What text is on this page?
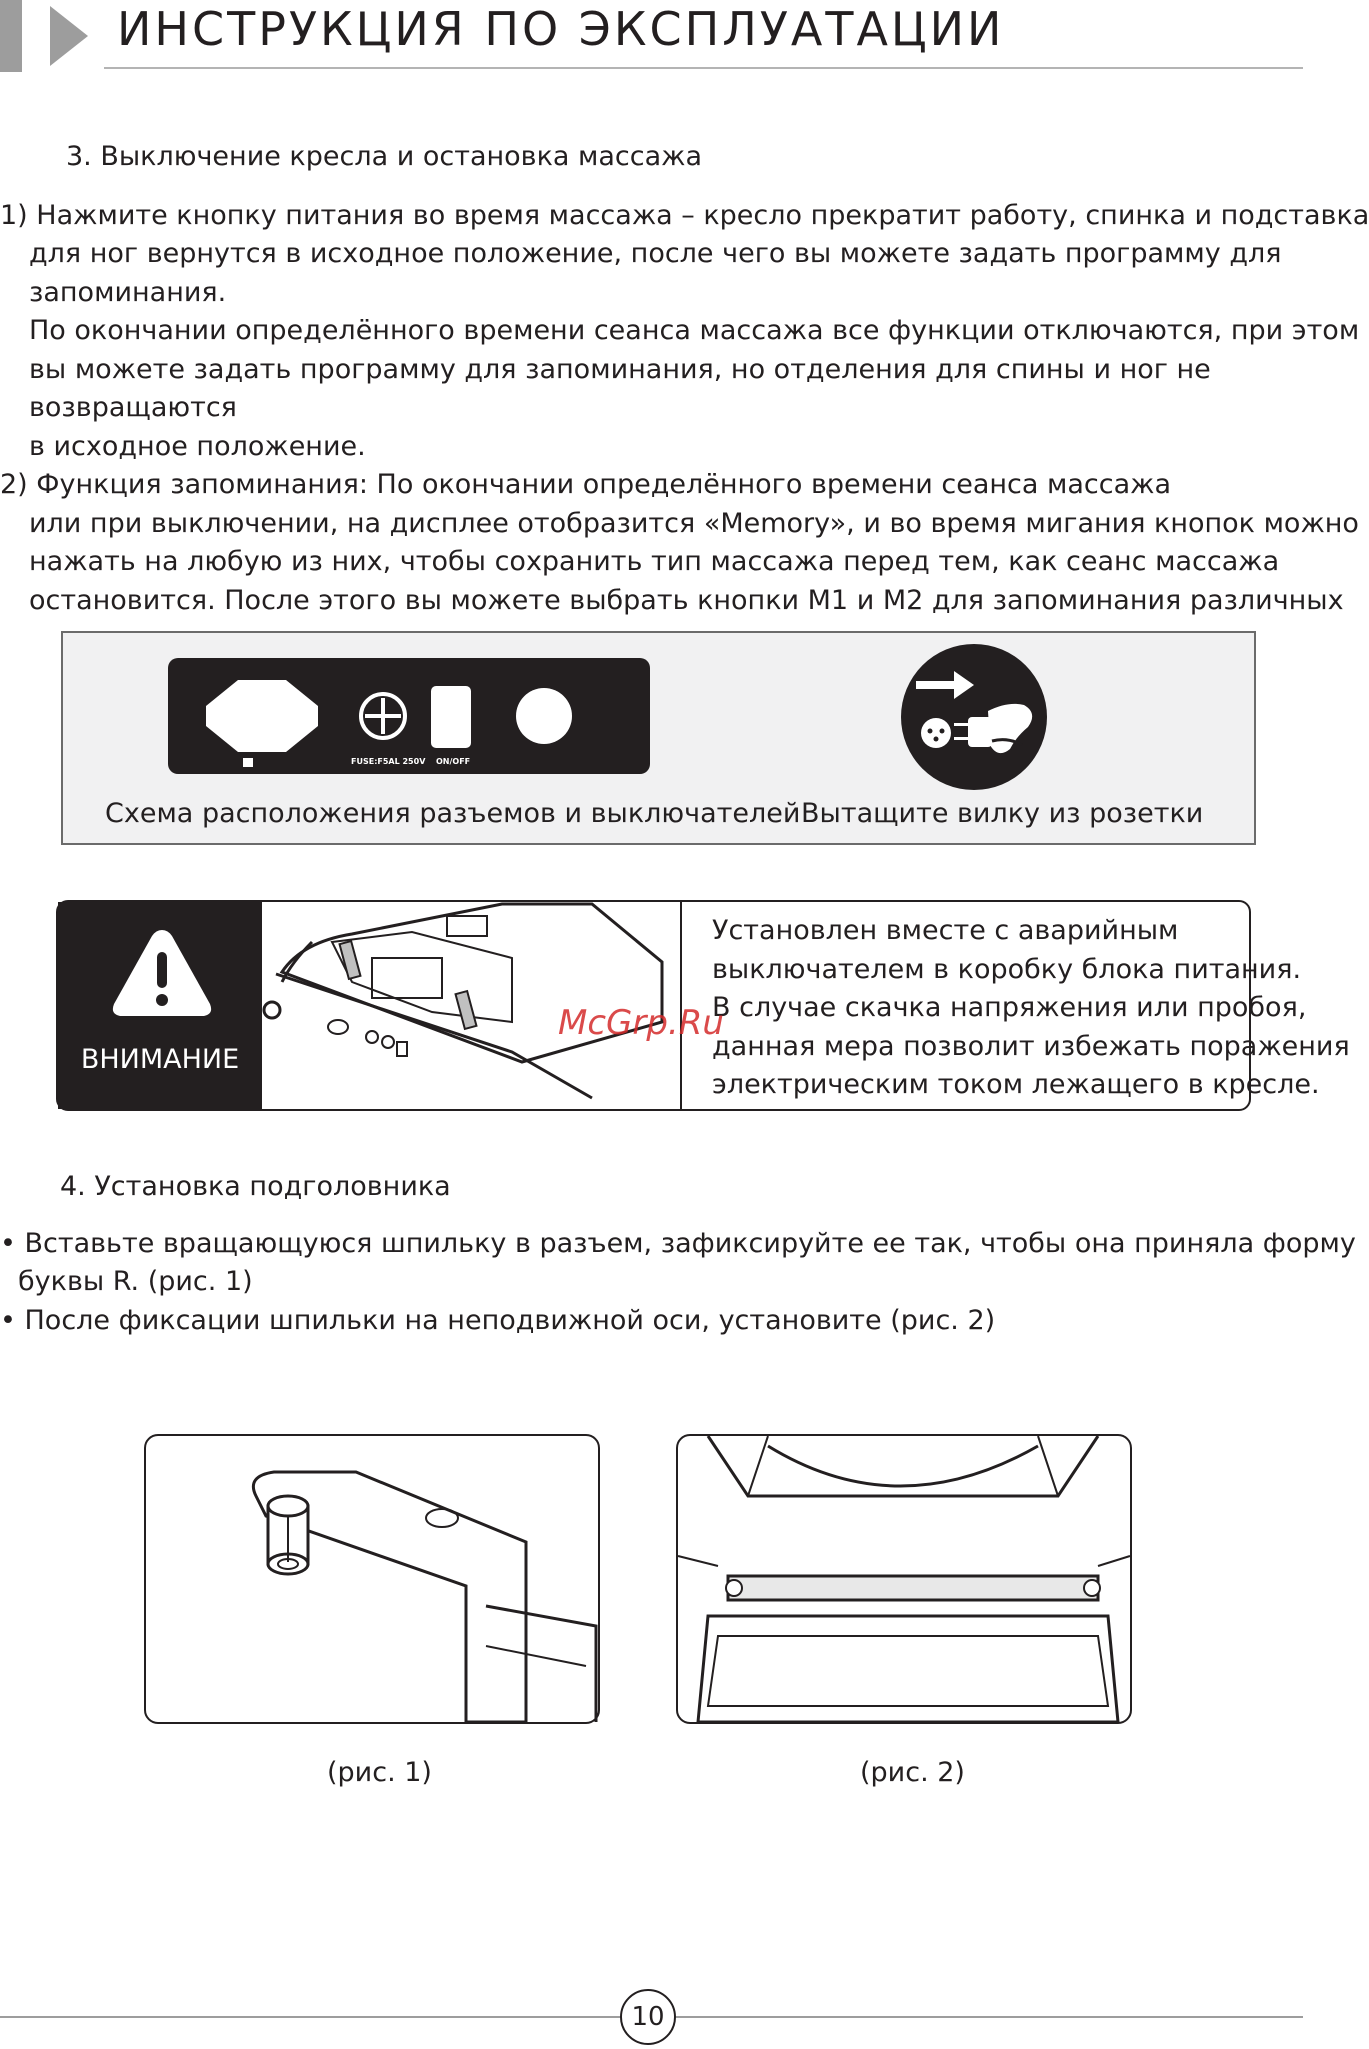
ИНСТРУКЦИЯ ПО ЭКСПЛУАТАЦИИ
3. Выключение кресла и остановка массажа
1) Нажмите кнопку питания во время массажа – кресло прекратит работу, спинка и подставка
для ног вернутся в исходное положение, после чего вы можете задать программу для
запоминания.
По окончании определённого времени сеанса массажа все функции отключаются, при этом
вы можете задать программу для запоминания, но отделения для спины и ног не
возвращаются
в исходное положение.
2) Функция запоминания: По окончании определённого времени сеанса массажа
или при выключении, на дисплее отобразится «Memory», и во время мигания кнопок можно
нажать на любую из них, чтобы сохранить тип массажа перед тем, как сеанс массажа
остановится. После этого вы можете выбрать кнопки M1 и M2 для запоминания различных
FUSE:F5AL 250V ON/OFF
Схема расположения разъемов и выключателей Вытащите вилку из розетки
ВНИМАНИЕ
Установлен вместе с аварийным
выключателем в коробку блока питания.
В случае скачка напряжения или пробоя,
данная мера позволит избежать поражения
электрическим током лежащего в кресле.
McGrp.Ru
4. Установка подголовника
• Вставьте вращающуюся шпильку в разъем, зафиксируйте ее так, чтобы она приняла форму
буквы R. (рис. 1)
• После фиксации шпильки на неподвижной оси, установите (рис. 2)
(рис. 1)	(рис. 2)
10
